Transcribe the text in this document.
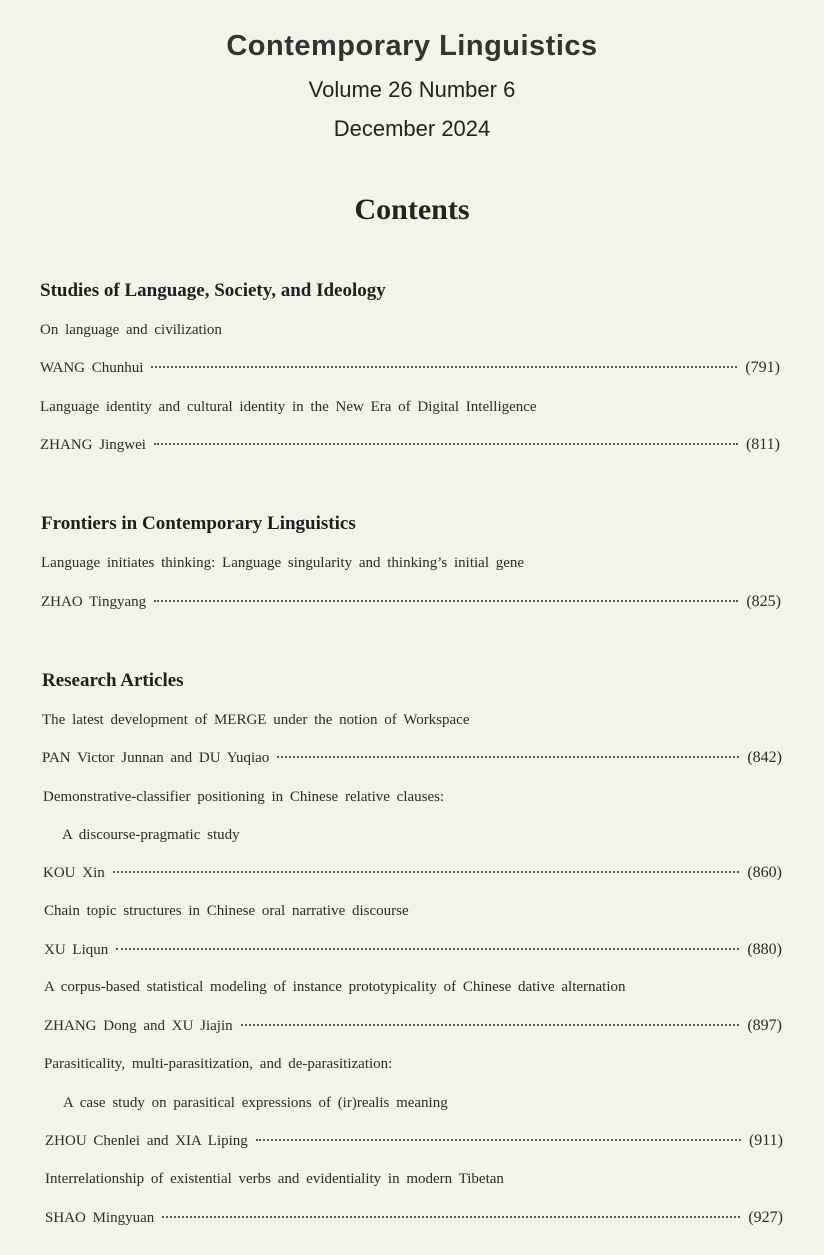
Contemporary Linguistics
Volume 26 Number 6
December 2024
Contents
Studies of Language, Society, and Ideology
On language and civilization
WANG Chunhui	(791)
Language identity and cultural identity in the New Era of Digital Intelligence
ZHANG Jingwei	(811)
Frontiers in Contemporary Linguistics
Language initiates thinking: Language singularity and thinking’s initial gene
ZHAO Tingyang	(825)
Research Articles
The latest development of MERGE under the notion of Workspace
PAN Victor Junnan and DU Yuqiao	(842)
Demonstrative-classifier positioning in Chinese relative clauses:
A discourse-pragmatic study
KOU Xin	(860)
Chain topic structures in Chinese oral narrative discourse
XU Liqun	(880)
A corpus-based statistical modeling of instance prototypicality of Chinese dative alternation
ZHANG Dong and XU Jiajin	(897)
Parasiticality, multi-parasitization, and de-parasitization:
A case study on parasitical expressions of (ir)realis meaning
ZHOU Chenlei and XIA Liping	(911)
Interrelationship of existential verbs and evidentiality in modern Tibetan
SHAO Mingyuan	(927)
